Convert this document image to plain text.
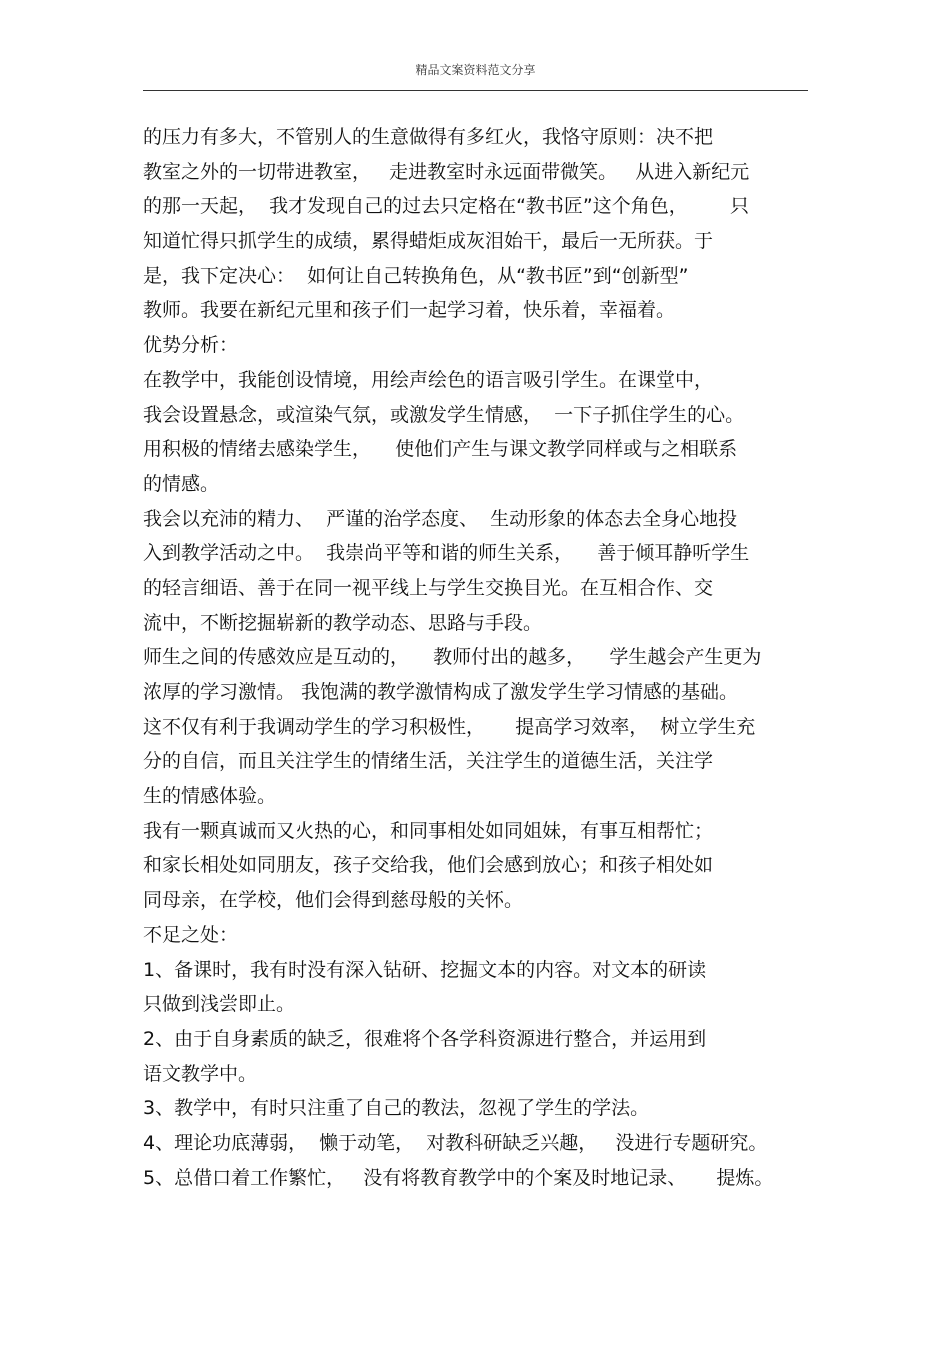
精品文案资料范文分享
的压力有多大，不管别人的生意做得有多红火，我恪守原则：决不把
教室之外的一切带进教室，   走进教室时永远面带微笑。   从进入新纪元
的那一天起，  我才发现自己的过去只定格在“教书匠”这个角色，       只
知道忙得只抓学生的成绩，累得蜡炬成灰泪始干，最后一无所获。于
是，我下定决心：  如何让自己转换角色，从“教书匠”到“创新型”
教师。我要在新纪元里和孩子们一起学习着，快乐着，幸福着。
优势分析：
在教学中，我能创设情境，用绘声绘色的语言吸引学生。在课堂中，
我会设置悬念，或渲染气氛，或激发学生情感，  一下子抓住学生的心。
用积极的情绪去感染学生，    使他们产生与课文教学同样或与之相联系
的情感。
我会以充沛的精力、  严谨的治学态度、  生动形象的体态去全身心地投
入到教学活动之中。  我崇尚平等和谐的师生关系，    善于倾耳静听学生
的轻言细语、善于在同一视平线上与学生交换目光。在互相合作、交
流中，不断挖掘崭新的教学动态、思路与手段。
师生之间的传感效应是互动的，    教师付出的越多，    学生越会产生更为
浓厚的学习激情。 我饱满的教学激情构成了激发学生学习情感的基础。
这不仅有利于我调动学生的学习积极性，     提高学习效率，  树立学生充
分的自信，而且关注学生的情绪生活，关注学生的道德生活，关注学
生的情感体验。
我有一颗真诚而又火热的心，和同事相处如同姐妹，有事互相帮忙；
和家长相处如同朋友，孩子交给我，他们会感到放心；和孩子相处如
同母亲，在学校，他们会得到慈母般的关怀。
不足之处：
1、备课时，我有时没有深入钻研、挖掘文本的内容。对文本的研读
只做到浅尝即止。
2、由于自身素质的缺乏，很难将个各学科资源进行整合，并运用到
语文教学中。
3、教学中，有时只注重了自己的教法，忽视了学生的学法。
4、理论功底薄弱，  懒于动笔，  对教科研缺乏兴趣，   没进行专题研究。
5、总借口着工作繁忙，   没有将教育教学中的个案及时地记录、     提炼。
